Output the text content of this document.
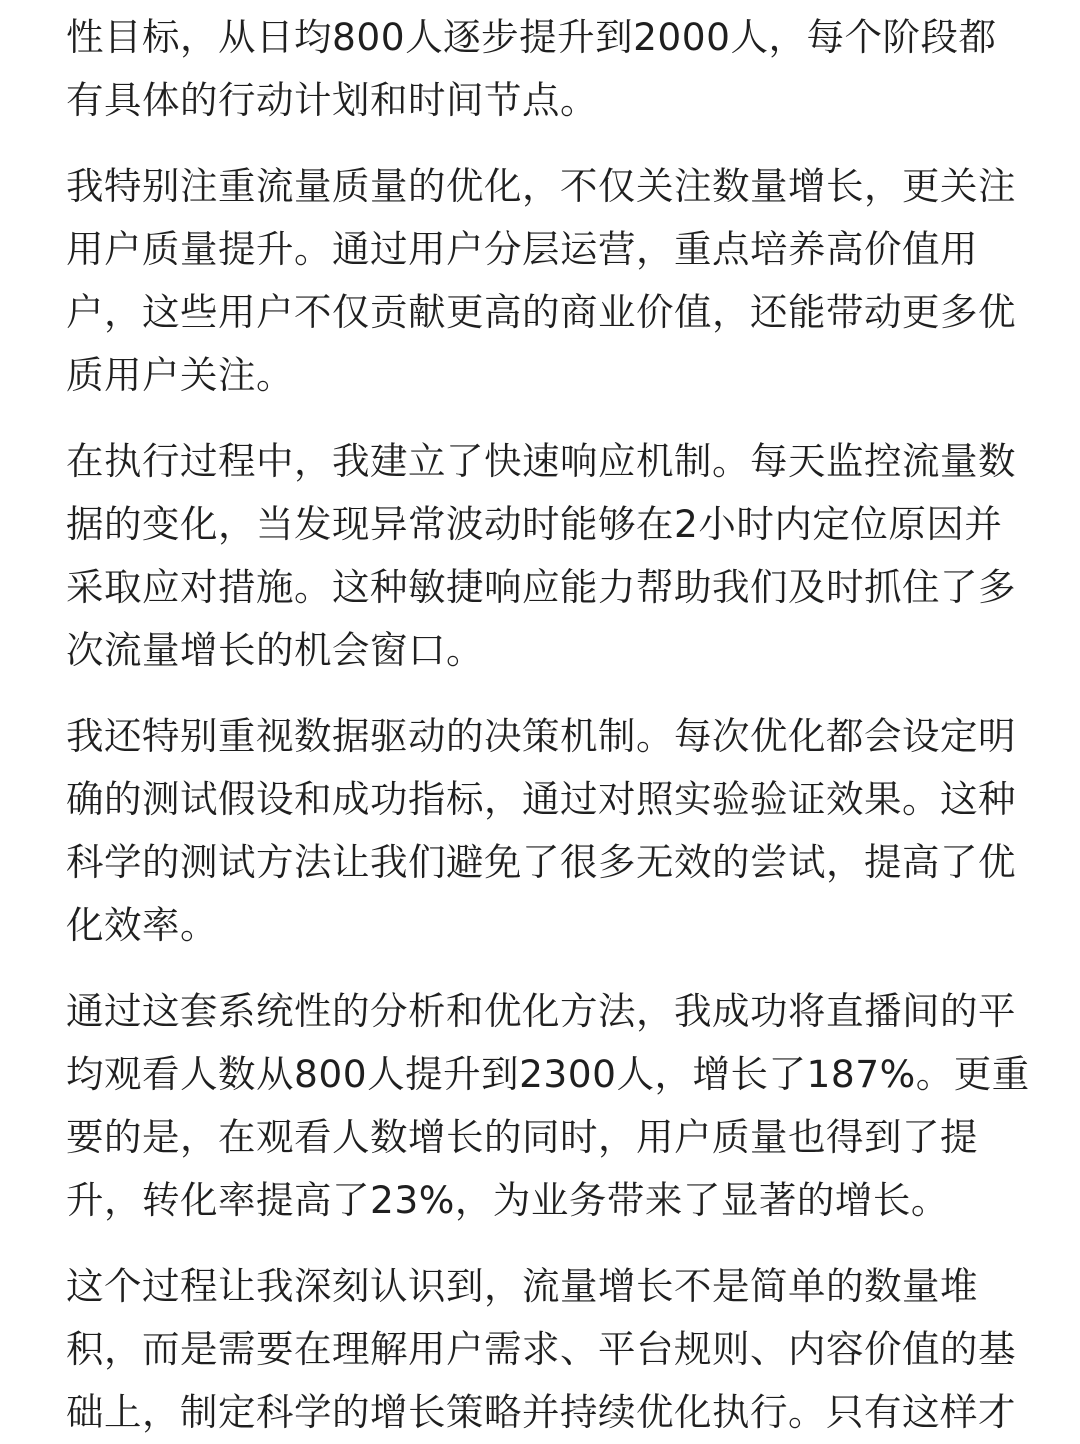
性目标，从日均800人逐步提升到2000人，每个阶段都
有具体的行动计划和时间节点。

我特别注重流量质量的优化，不仅关注数量增长，更关注
用户质量提升。通过用户分层运营，重点培养高价值用
户，这些用户不仅贡献更高的商业价值，还能带动更多优
质用户关注。

在执行过程中，我建立了快速响应机制。每天监控流量数
据的变化，当发现异常波动时能够在2小时内定位原因并
采取应对措施。这种敏捷响应能力帮助我们及时抓住了多
次流量增长的机会窗口。

我还特别重视数据驱动的决策机制。每次优化都会设定明
确的测试假设和成功指标，通过对照实验验证效果。这种
科学的测试方法让我们避免了很多无效的尝试，提高了优
化效率。

通过这套系统性的分析和优化方法，我成功将直播间的平
均观看人数从800人提升到2300人，增长了187%。更重
要的是，在观看人数增长的同时，用户质量也得到了提
升，转化率提高了23%，为业务带来了显著的增长。

这个过程让我深刻认识到，流量增长不是简单的数量堆
积，而是需要在理解用户需求、平台规则、内容价值的基
础上，制定科学的增长策略并持续优化执行。只有这样才
